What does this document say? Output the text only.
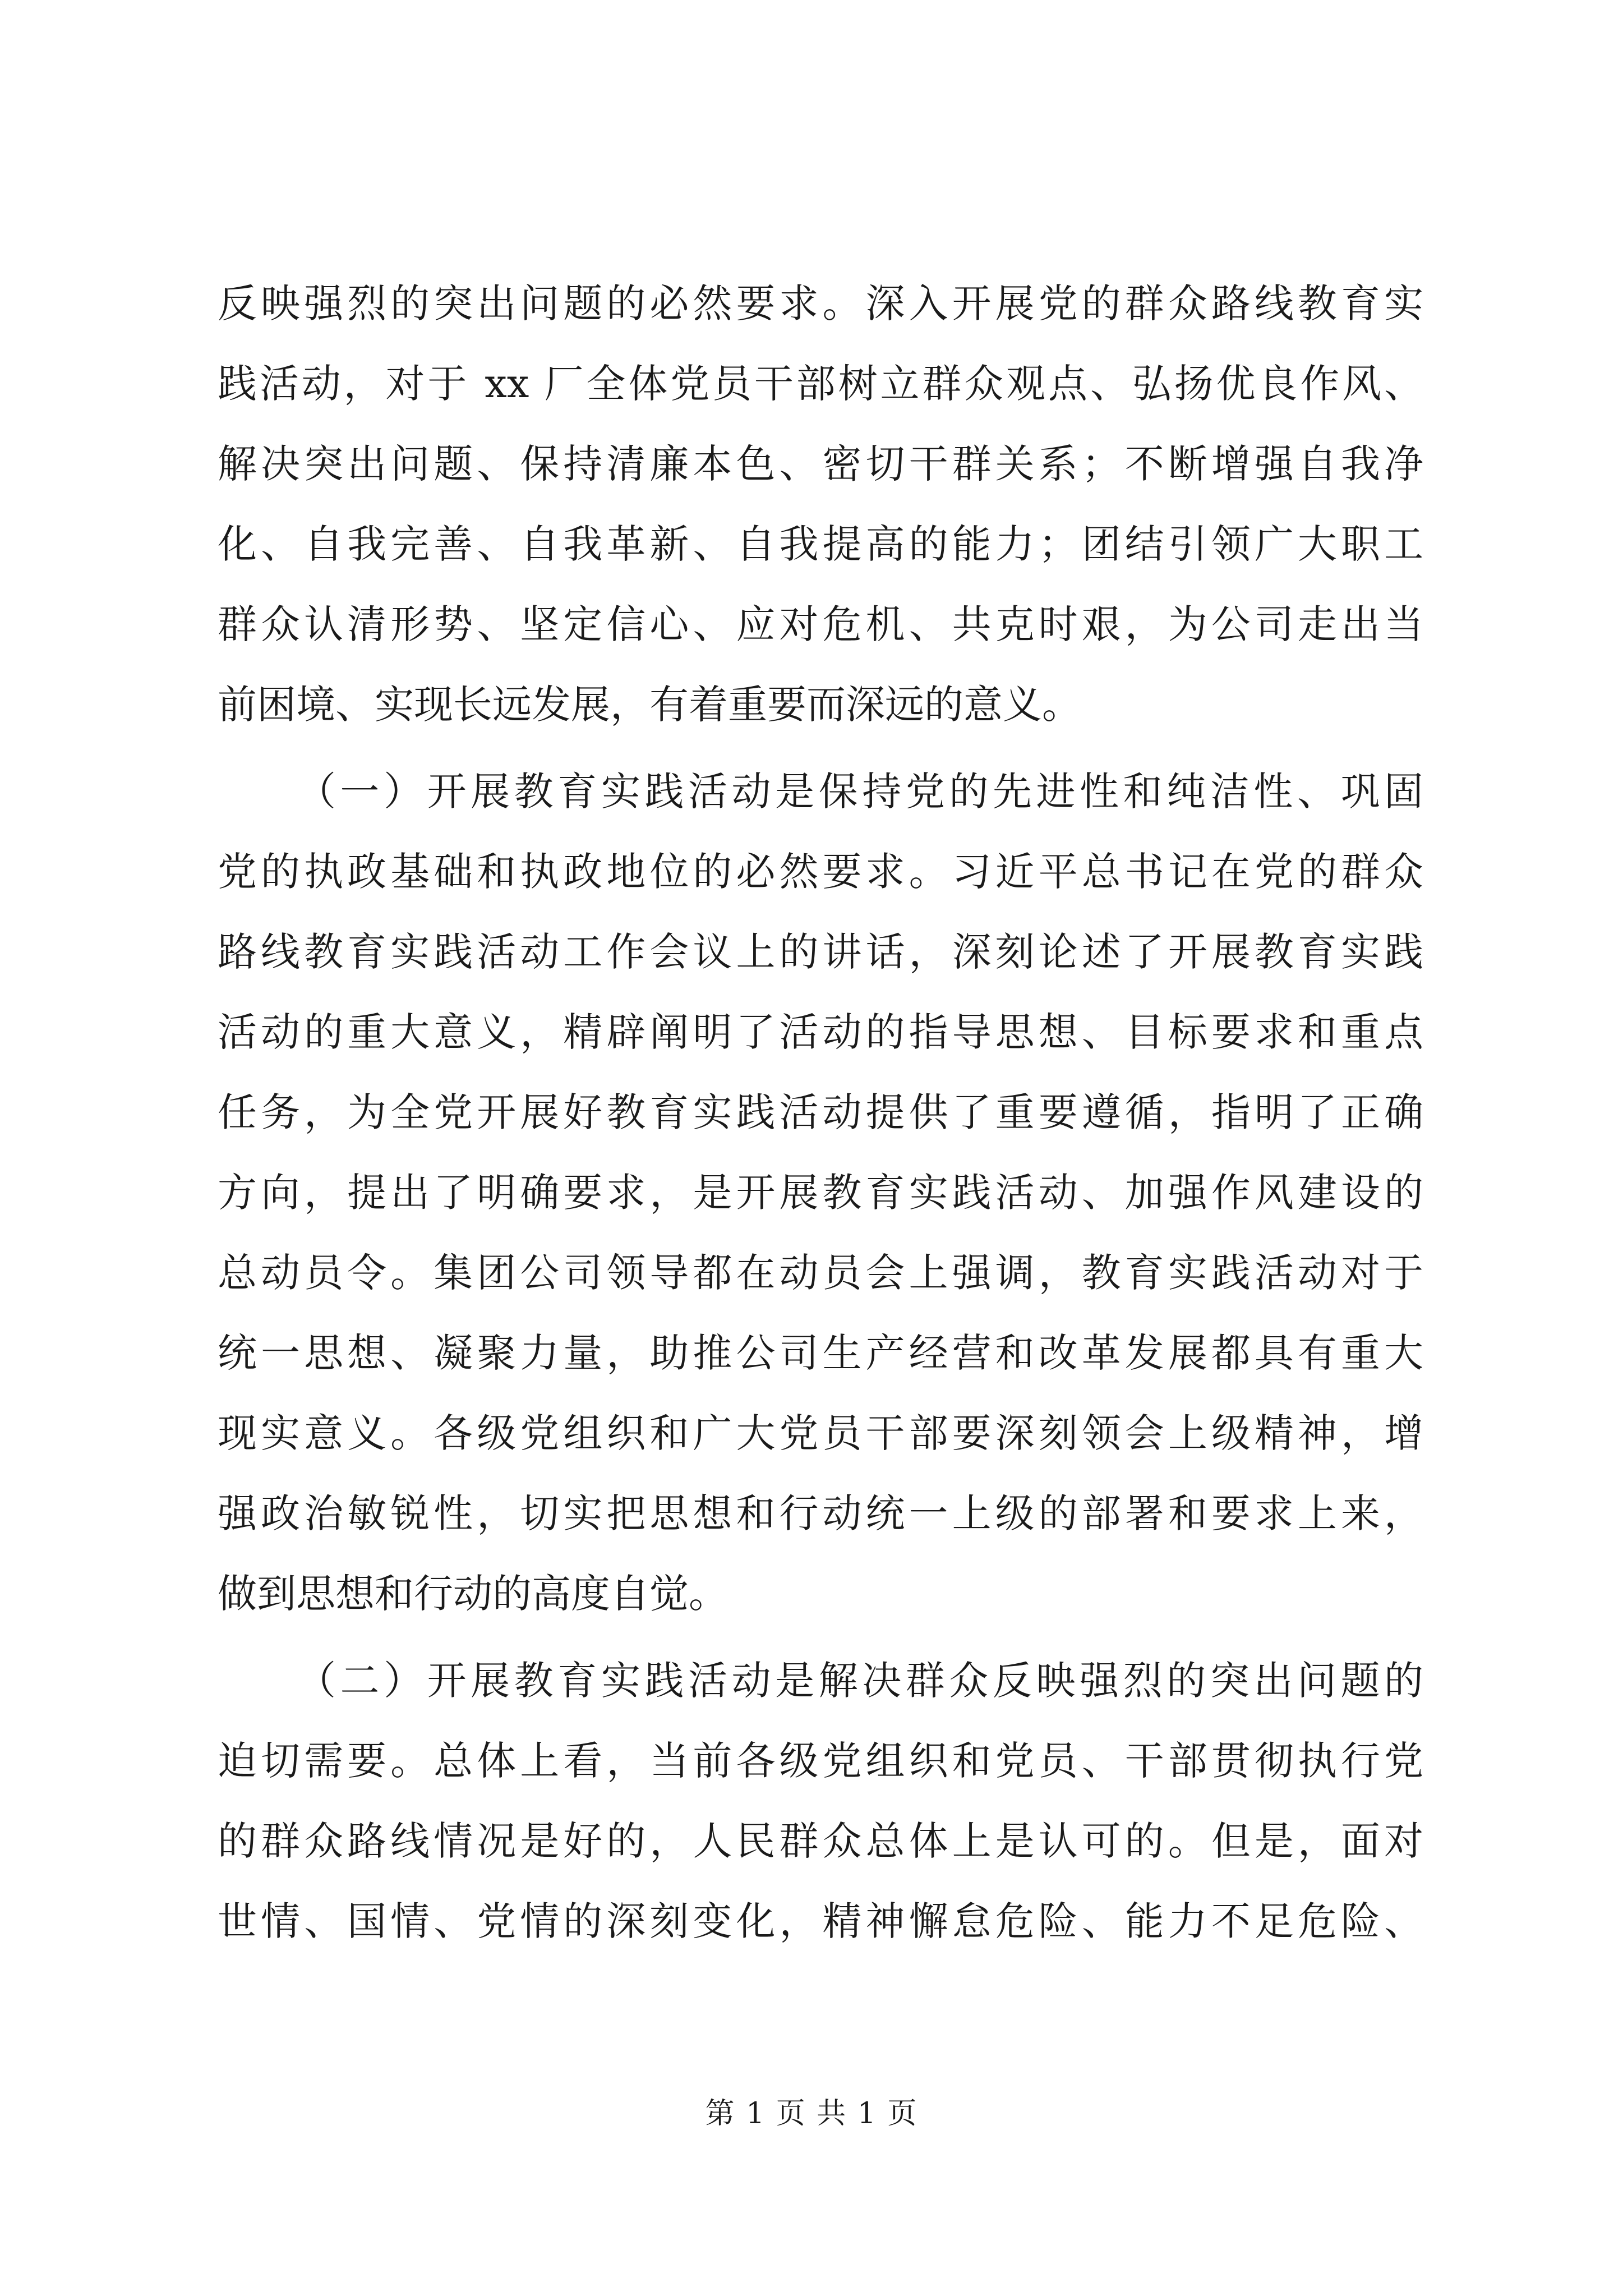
反映强烈的突出问题的必然要求。深入开展党的群众路线教育实
践活动，对于 xx 厂全体党员干部树立群众观点、弘扬优良作风、
解决突出问题、保持清廉本色、密切干群关系；不断增强自我净
化、自我完善、自我革新、自我提高的能力；团结引领广大职工
群众认清形势、坚定信心、应对危机、共克时艰，为公司走出当
前困境、实现长远发展，有着重要而深远的意义。
（一）开展教育实践活动是保持党的先进性和纯洁性、巩固
党的执政基础和执政地位的必然要求。习近平总书记在党的群众
路线教育实践活动工作会议上的讲话，深刻论述了开展教育实践
活动的重大意义，精辟阐明了活动的指导思想、目标要求和重点
任务，为全党开展好教育实践活动提供了重要遵循，指明了正确
方向，提出了明确要求，是开展教育实践活动、加强作风建设的
总动员令。集团公司领导都在动员会上强调，教育实践活动对于
统一思想、凝聚力量，助推公司生产经营和改革发展都具有重大
现实意义。各级党组织和广大党员干部要深刻领会上级精神，增
强政治敏锐性，切实把思想和行动统一上级的部署和要求上来，
做到思想和行动的高度自觉。
（二）开展教育实践活动是解决群众反映强烈的突出问题的
迫切需要。总体上看，当前各级党组织和党员、干部贯彻执行党
的群众路线情况是好的，人民群众总体上是认可的。但是，面对
世情、国情、党情的深刻变化，精神懈怠危险、能力不足危险、
第 1 页 共 1 页
